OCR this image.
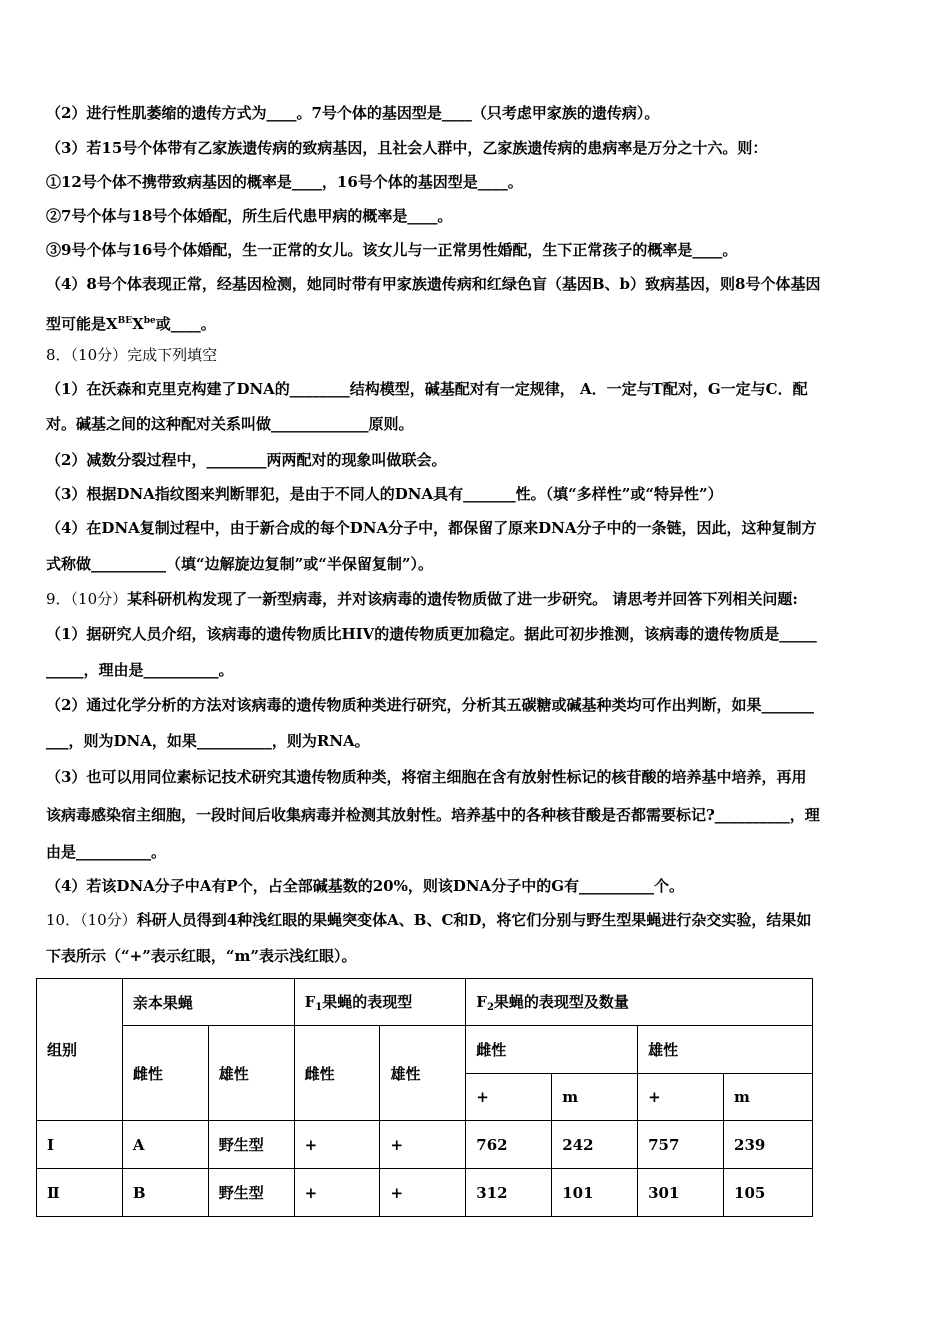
（2）进行性肌萎缩的遗传方式为____。7号个体的基因型是____（只考虑甲家族的遗传病）。
（3）若15号个体带有乙家族遗传病的致病基因，且社会人群中，乙家族遗传病的患病率是万分之十六。则：
①12号个体不携带致病基因的概率是____，16号个体的基因型是____。
②7号个体与18号个体婚配，所生后代患甲病的概率是____。
③9号个体与16号个体婚配，生一正常的女儿。该女儿与一正常男性婚配，生下正常孩子的概率是____。
（4）8号个体表现正常，经基因检测，她同时带有甲家族遗传病和红绿色盲（基因B、b）致病基因，则8号个体基因
型可能是$X^{BE}X^{be}$或____。
8．（10分）完成下列填空
（1）在沃森和克里克构建了DNA的________结构模型，碱基配对有一定规律， A．一定与T配对，G一定与C．配
对。碱基之间的这种配对关系叫做_____________原则。
（2）减数分裂过程中，________两两配对的现象叫做联会。
（3）根据DNA指纹图来判断罪犯，是由于不同人的DNA具有_______性。（填“多样性”或“特异性”）
（4）在DNA复制过程中，由于新合成的每个DNA分子中，都保留了原来DNA分子中的一条链，因此，这种复制方
式称做__________（填“边解旋边复制”或“半保留复制”）。
9．（10分）某科研机构发现了一新型病毒，并对该病毒的遗传物质做了进一步研究。 请思考并回答下列相关问题:
（1）据研究人员介绍，该病毒的遗传物质比HIV的遗传物质更加稳定。据此可初步推测，该病毒的遗传物质是_____
_____，理由是__________。
（2）通过化学分析的方法对该病毒的遗传物质种类进行研究，分析其五碳糖或碱基种类均可作出判断，如果_______
___，则为DNA，如果__________，则为RNA。
（3）也可以用同位素标记技术研究其遗传物质种类，将宿主细胞在含有放射性标记的核苷酸的培养基中培养，再用
该病毒感染宿主细胞，一段时间后收集病毒并检测其放射性。培养基中的各种核苷酸是否都需要标记?__________，理
由是__________。
（4）若该DNA分子中A有P个，占全部碱基数的20%，则该DNA分子中的G有__________个。
10．（10分）科研人员得到4种浅红眼的果蝇突变体A、B、C和D，将它们分别与野生型果蝇进行杂交实验，结果如
下表所示（“+”表示红眼，“m”表示浅红眼）。
组别	亲本果蝇		$F_1$果蝇的表现型		$F_2$果蝇的表现型及数量			
	雌性	雄性	雌性	雄性	雌性		雄性	
					+	m	+	m
Ⅰ	A	野生型	+	+	762	242	757	239
Ⅱ	B	野生型	+	+	312	101	301	105
